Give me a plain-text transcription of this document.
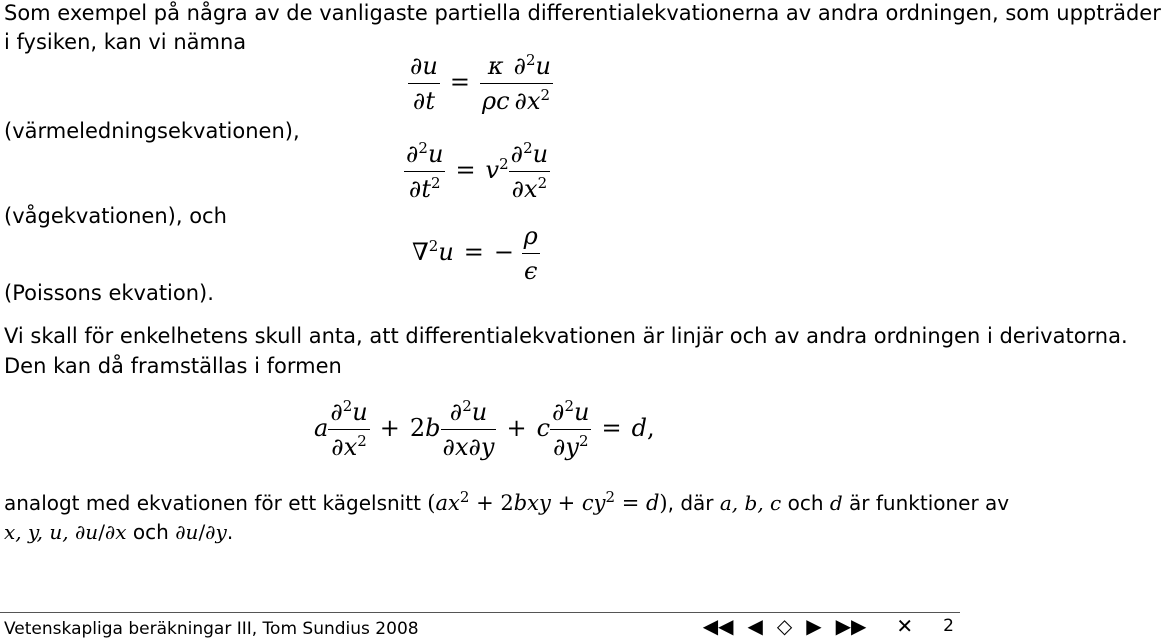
Som exempel på några av de vanligaste partiella differentialekvationerna av andra ordningen, som uppträder
i fysiken, kan vi nämna
$\frac{\partial u}{\partial t} = \frac{\kappa}{\rho c} \frac{\partial^2u}{\partial x^2}$
(värmeledningsekvationen),
$\frac{\partial^2u}{\partial t^2} = v^2 \frac{\partial^2u}{\partial x^2}$
(vågekvationen), och
∇$^2$u = − $\frac{\rho}{\epsilon}$
(Poissons ekvation).
Vi skall för enkelhetens skull anta, att differentialekvationen är linjär och av andra ordningen i derivatorna.
Den kan då framställas i formen
a $\frac{\partial^2u}{\partial x^2} + 2b \frac{\partial^2u}{\partial x\partial y} + c \frac{\partial^2u}{\partial y^2} = d$,
analogt med ekvationen för ett kägelsnitt $(ax^2 + 2bxy + cy^2 = d)$, där a, b, c och d är funktioner av
x, y, u, ∂u/∂x och ∂u/∂y.
Vetenskapliga beräkningar III, Tom Sundius 2008	◀◀ ◀ ◇ ▶ ▶▶ ✕ 2
